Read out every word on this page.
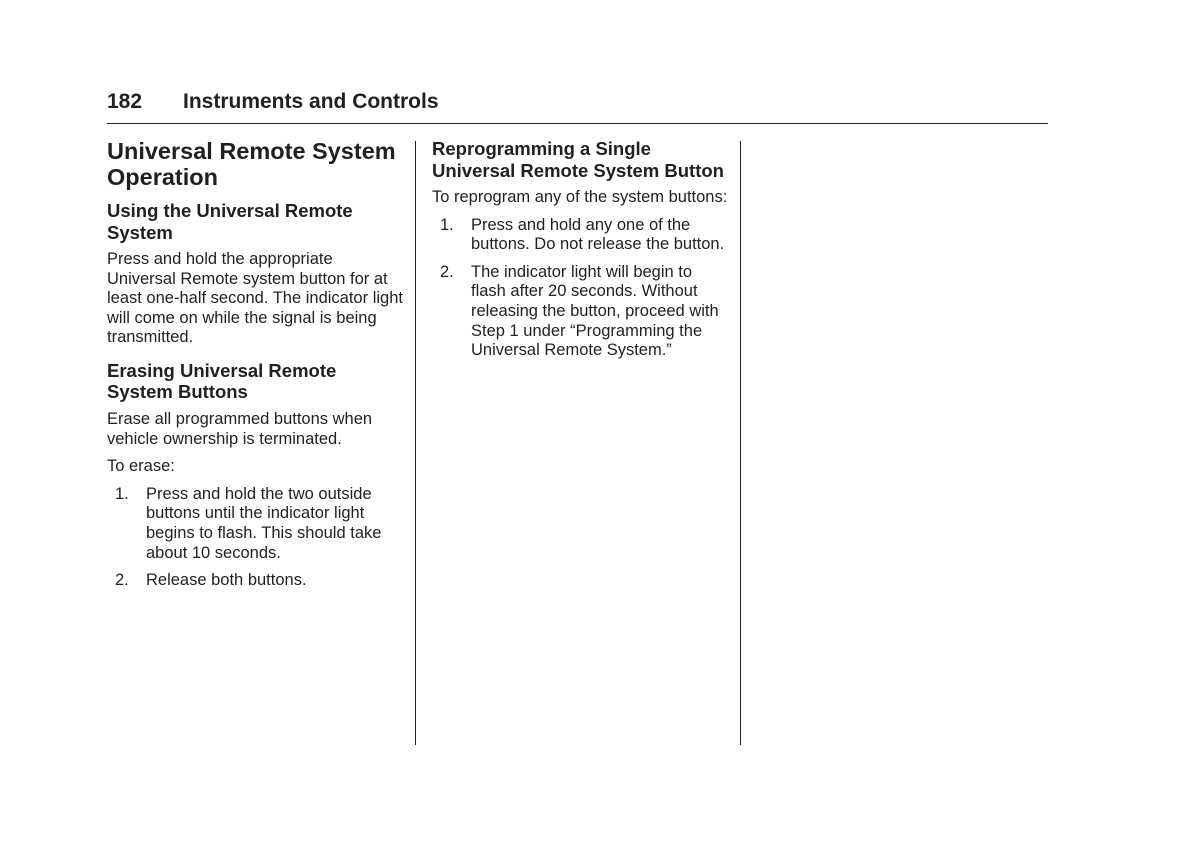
182 Instruments and Controls
Universal Remote System Operation
Using the Universal Remote System

Press and hold the appropriate Universal Remote system button for at least one-half second. The indicator light will come on while the signal is being transmitted.

Erasing Universal Remote System Buttons

Erase all programmed buttons when vehicle ownership is terminated.

To erase:

1. Press and hold the two outside buttons until the indicator light begins to flash. This should take about 10 seconds.
2. Release both buttons.
Reprogramming a Single Universal Remote System Button

To reprogram any of the system buttons:

1. Press and hold any one of the buttons. Do not release the button.
2. The indicator light will begin to flash after 20 seconds. Without releasing the button, proceed with Step 1 under “Programming the Universal Remote System.”
